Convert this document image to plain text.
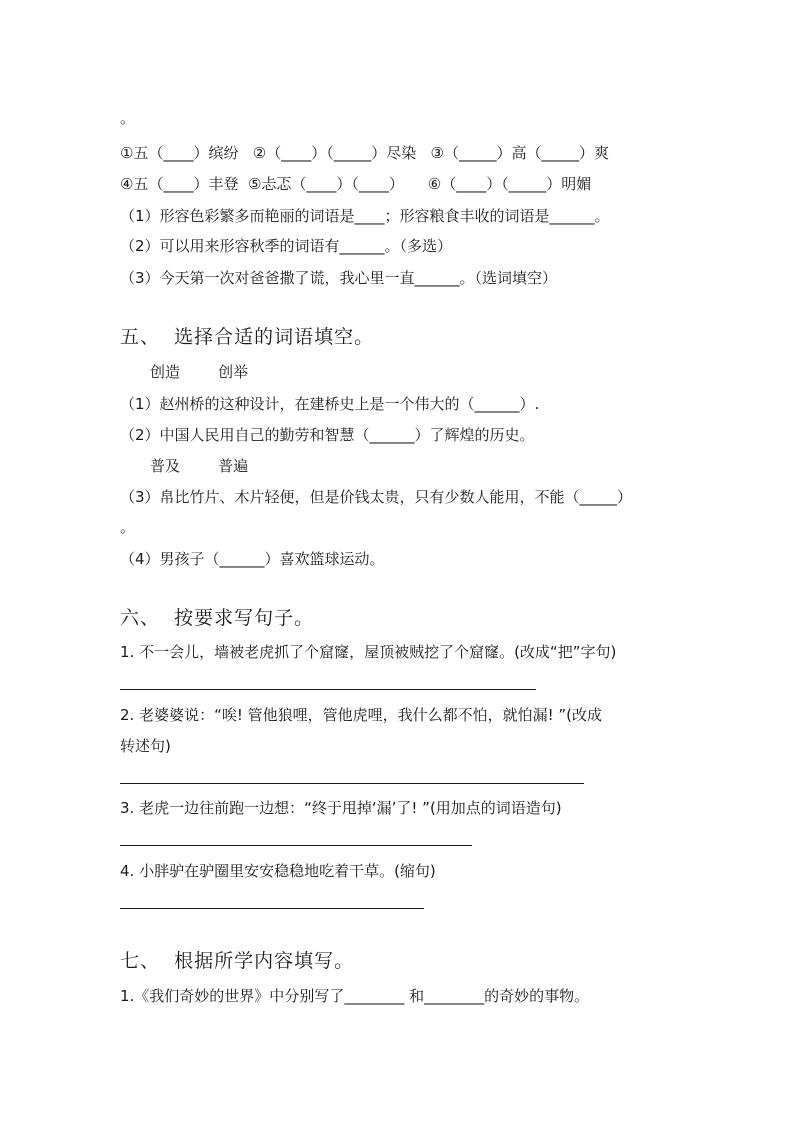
。
①五（____）缤纷   ②（____）（_____）尽染   ③（_____）高（_____）爽
④五（____）丰登  ⑤忐忑（____）（____）     ⑥（____）（_____）明媚
（1）形容色彩繁多而艳丽的词语是____；形容粮食丰收的词语是______。
（2）可以用来形容秋季的词语有______。（多选）
（3）今天第一次对爸爸撒了谎，我心里一直______。（选词填空）
五、  选择合适的词语填空。
创造        创举
（1）赵州桥的这种设计，在建桥史上是一个伟大的（______）.
（2）中国人民用自己的勤劳和智慧（______）了辉煌的历史。
普及        普遍
（3）帛比竹片、木片轻便，但是价钱太贵，只有少数人能用，不能（_____）
。
（4）男孩子（______）喜欢篮球运动。
六、  按要求写句子。
1. 不一会儿，墙被老虎抓了个窟窿，屋顶被贼挖了个窟窿。(改成“把”字句)
2. 老婆婆说：“唉! 管他狼哩，管他虎哩，我什么都不怕，就怕漏! ”(改成
转述句)
3. 老虎一边往前跑一边想：“终于甩掉‘漏’了! ”(用加点的词语造句)
4. 小胖驴在驴圈里安安稳稳地吃着干草。(缩句)
七、  根据所学内容填写。
1.《我们奇妙的世界》中分别写了________ 和________的奇妙的事物。
